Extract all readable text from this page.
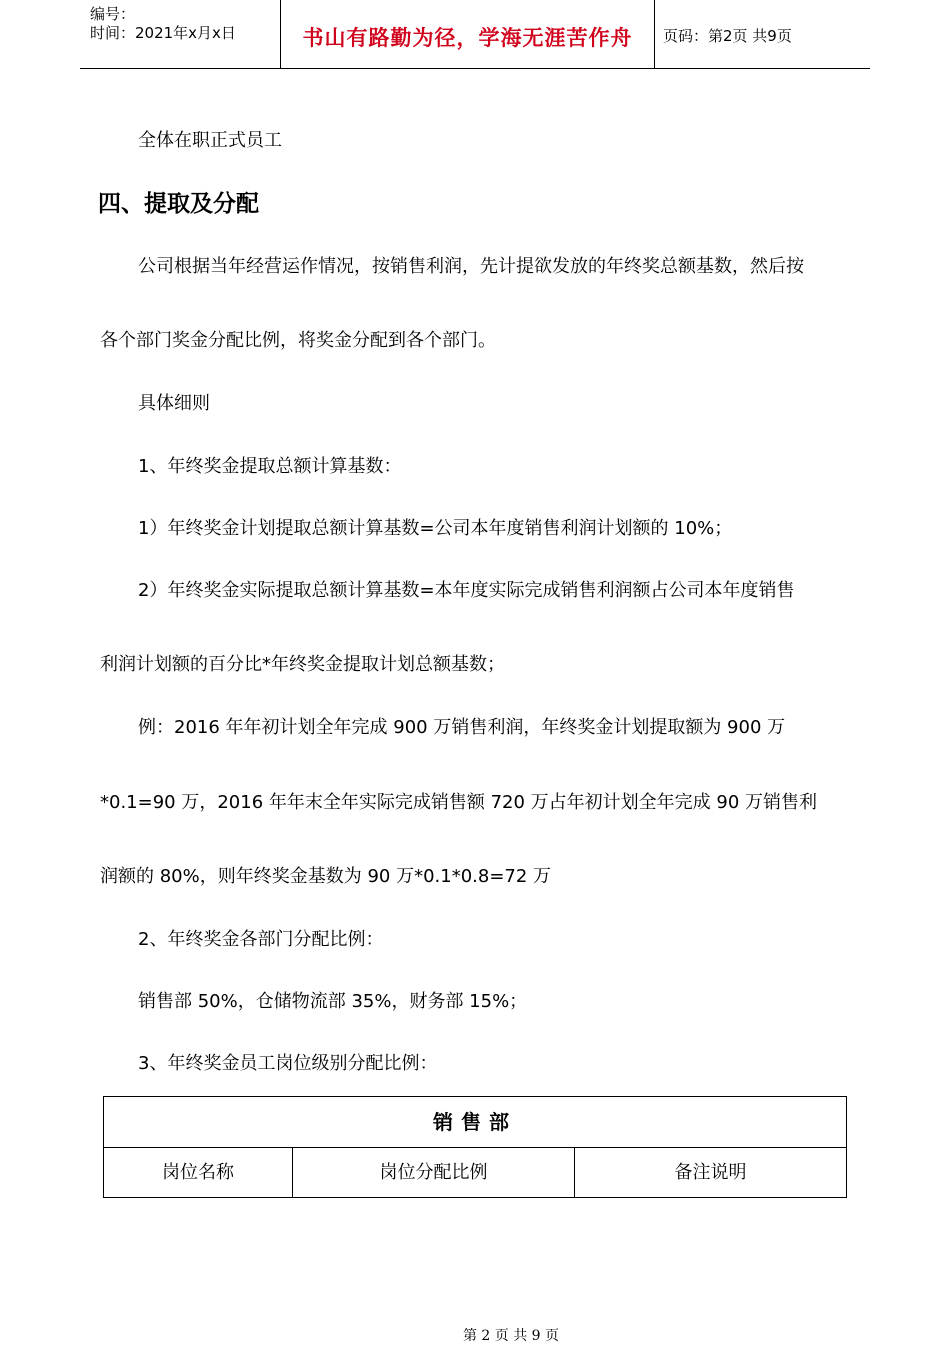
编号：
时间：2021年x月x日	书山有路勤为径，学海无涯苦作舟	页码：第2页 共9页
全体在职正式员工
四、提取及分配
公司根据当年经营运作情况，按销售利润，先计提欲发放的年终奖总额基数，然后按
各个部门奖金分配比例，将奖金分配到各个部门。
具体细则
1、年终奖金提取总额计算基数：
1）年终奖金计划提取总额计算基数=公司本年度销售利润计划额的 10%；
2）年终奖金实际提取总额计算基数=本年度实际完成销售利润额占公司本年度销售
利润计划额的百分比*年终奖金提取计划总额基数；
例：2016 年年初计划全年完成 900 万销售利润，年终奖金计划提取额为 900 万
*0.1=90 万，2016 年年末全年实际完成销售额 720 万占年初计划全年完成 90 万销售利
润额的 80%，则年终奖金基数为 90 万*0.1*0.8=72 万
2、年终奖金各部门分配比例：
销售部 50%，仓储物流部 35%，财务部 15%；
3、年终奖金员工岗位级别分配比例：
销售部
岗位名称	岗位分配比例	备注说明
第 2 页 共 9 页
